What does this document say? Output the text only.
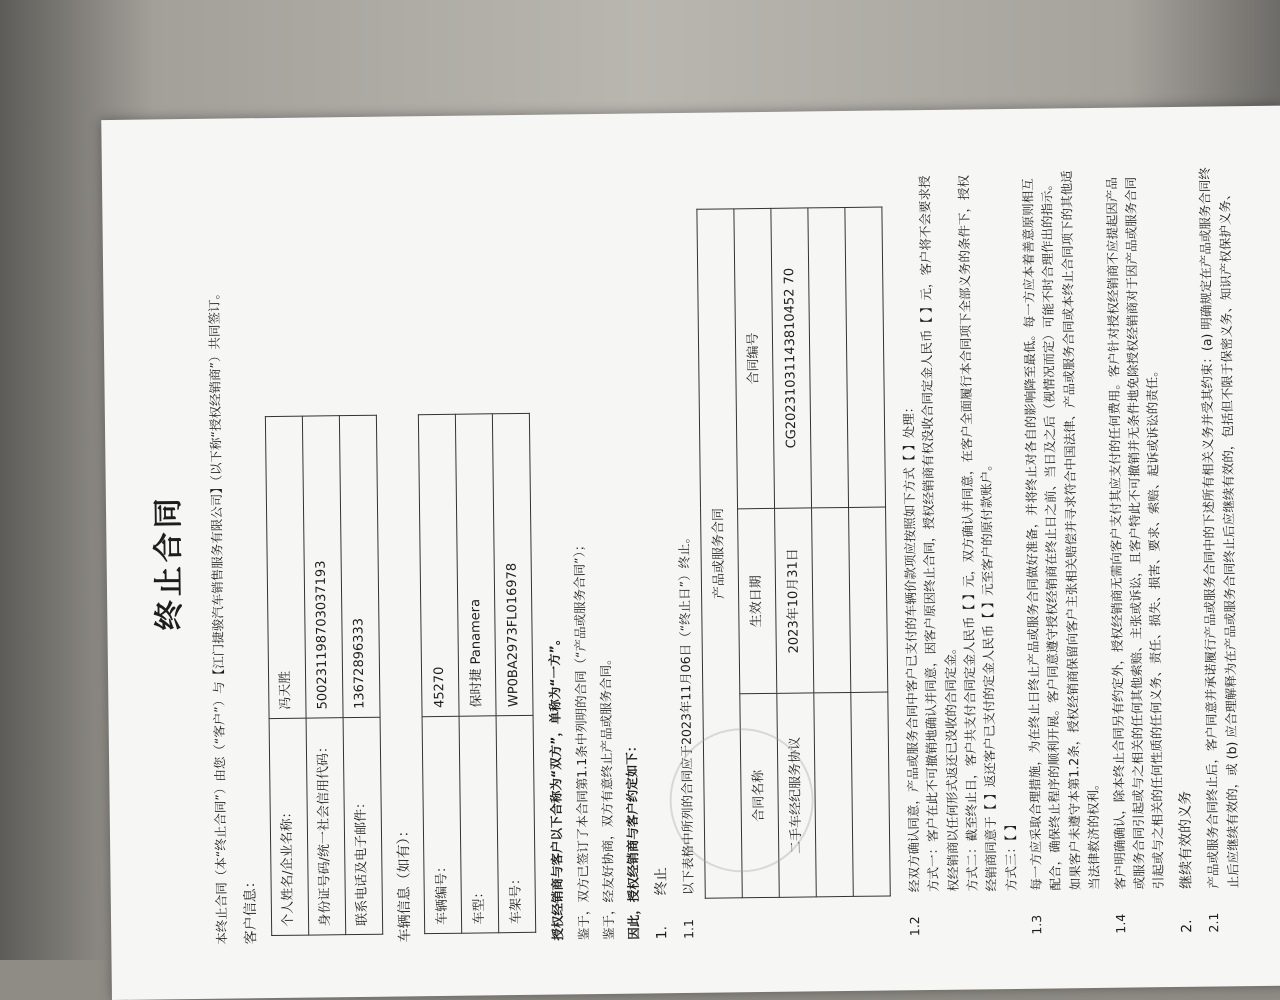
终止合同	本终止合同（本“终止合同”）由您（“客户”）与【江门捷骏汽车销售服务有限公司】（以下称“授权经销商”）共同签订。 客户信息： 个人姓名/企业名称：	冯天胜
身份证号码/统一社会信用代码：	500231198703037193
联系电话及电子邮件：	13672896333

车辆信息（如有）： 车辆编号：	45270
车型：	保时捷 Panamera
车架号：	WP0BA2973FL016978	授权经销商与客户以下合称为“双方”，单称为“一方”。 鉴于，双方已签订了本合同第1.1条中列明的合同（“产品或服务合同”）； 鉴于，经友好协商，双方有意终止产品或服务合同。 因此，授权经销商与客户约定如下： 1.
终止
1.1
以下表格中所列的合同应于2023年11月06日（“终止日”）终止。 产品或服务合同		
合同名称	生效日期	合同编号
二手车经纪服务协议	2023年10月31日	CG20231031143810452 70

1.2
经双方确认同意，产品或服务合同中客户已支付的车辆价款项应按照如下方式【 】处理：
方式一：客户在此不可撤销地确认并同意，因客户原因终止合同，授权经销商有权没收合同定金人民币【 】元，客户将不会要求授权经销商以任何形式返还已没收的合同定金。
方式二：截至终止日，客户共支付合同定金人民币【 】元，双方确认并同意，在客户全面履行本合同项下全部义务的条件下，授权经销商同意于【 】返还客户已支付的定金人民币【 】元至客户的原付款账户。 方式三：【 】
1.3
每一方应采取合理措施，为在终止日终止产品或服务合同做好准备，并将终止对各自的影响降至最低。每一方应本着善意原则相互配合，确保终止程序的顺利开展。客户同意遵守授权经销商在终止日之前、当日及之后（视情况而定）可能不时合理作出的指示。如果客户未遵守本第1.2条，授权经销商保留向客户主张相关赔偿并寻求符合中国法律、产品或服务合同或本终止合同项下的其他适当法律救济的权利。
1.4
客户明确确认，除本终止合同另有约定外，授权经销商无需向客户支付其应支付的任何费用。客户针对授权经销商不应提起因产品或服务合同引起或与之相关的任何其他索赔、主张或诉讼，且客户特此不可撤销并无条件地免除授权经销商对于因产品或服务合同引起或与之相关的任何性质的任何义务、责任、损失、损害、要求、索赔、起诉或诉讼的责任。
2.
继续有效的义务
2.1
产品或服务合同终止后，客户同意并承诺履行产品或服务合同中的下述所有相关义务并受其约束：(a) 明确规定在产品或服务合同终止后应继续有效的，或 (b) 应合理解释为在产品或服务合同终止后应继续有效的，包括但不限于保密义务、知识产权保护义务、
